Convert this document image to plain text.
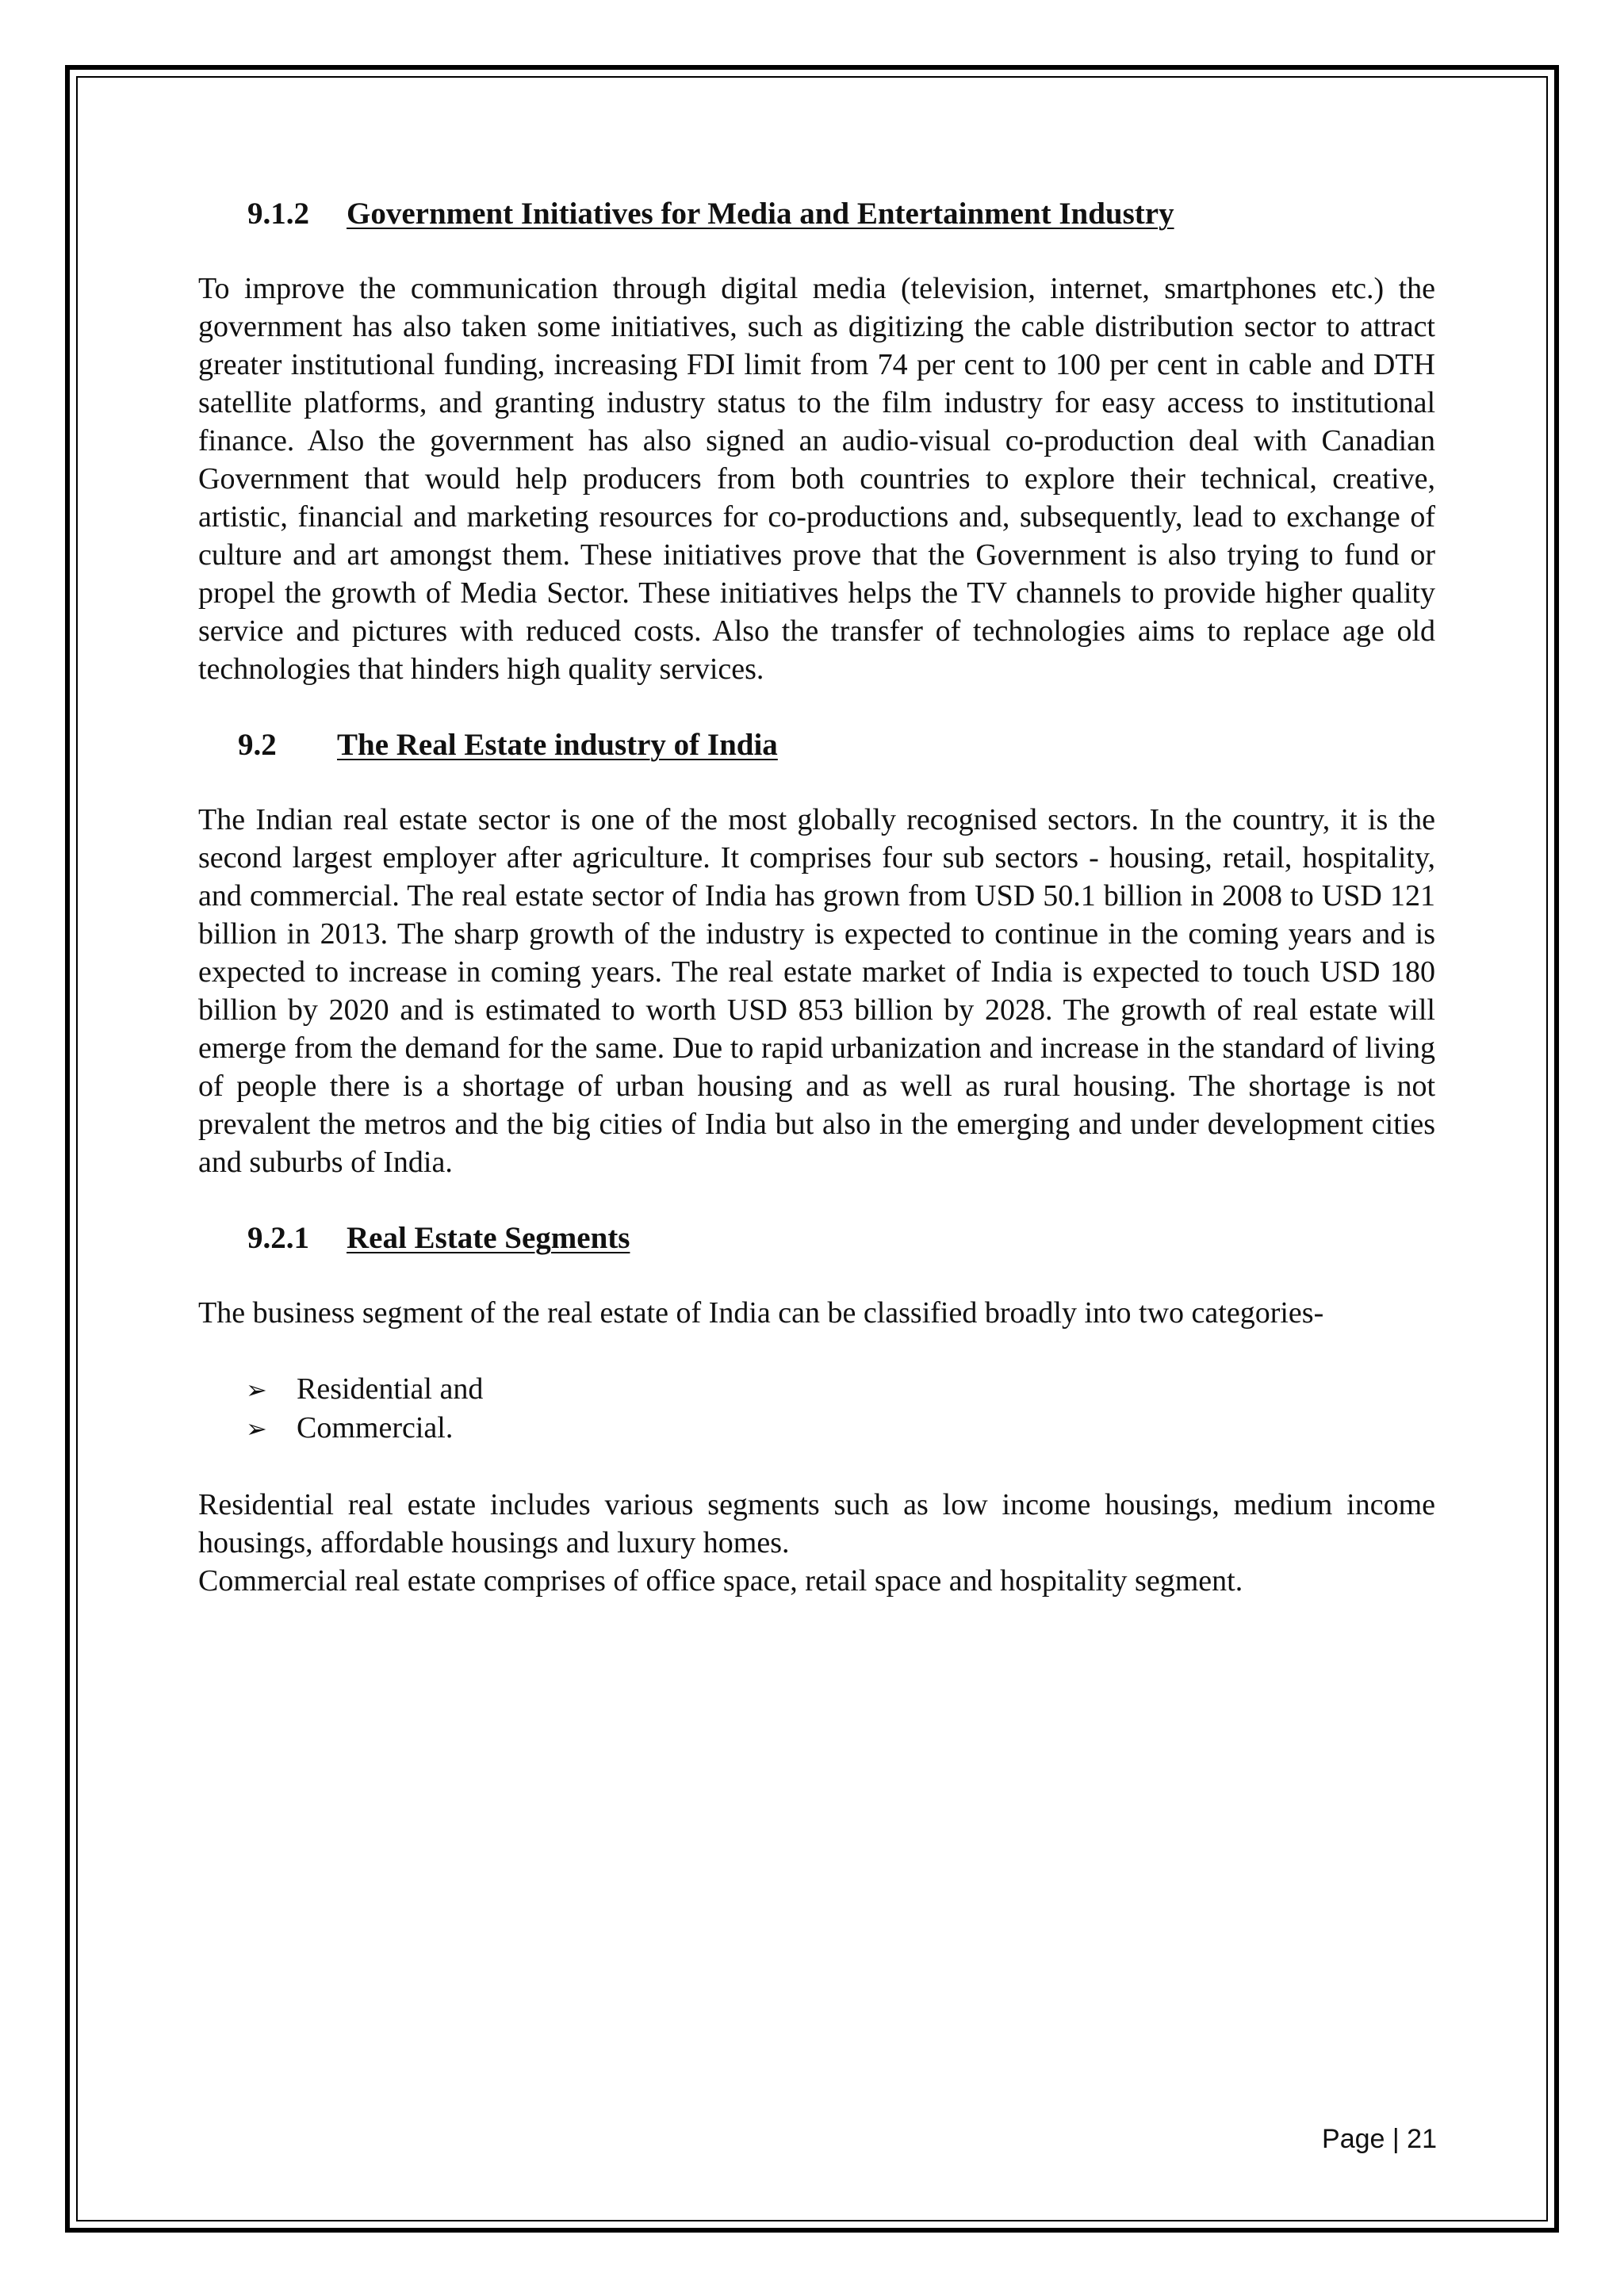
9.1.2 Government Initiatives for Media and Entertainment Industry

To improve the communication through digital media (television, internet, smartphones etc.) the government has also taken some initiatives, such as digitizing the cable distribution sector to attract greater institutional funding, increasing FDI limit from 74 per cent to 100 per cent in cable and DTH satellite platforms, and granting industry status to the film industry for easy access to institutional finance. Also the government has also signed an audio-visual co-production deal with Canadian Government that would help producers from both countries to explore their technical, creative, artistic, financial and marketing resources for co-productions and, subsequently, lead to exchange of culture and art amongst them. These initiatives prove that the Government is also trying to fund or propel the growth of Media Sector. These initiatives helps the TV channels to provide higher quality service and pictures with reduced costs. Also the transfer of technologies aims to replace age old technologies that hinders high quality services.

9.2 The Real Estate industry of India

The Indian real estate sector is one of the most globally recognised sectors. In the country, it is the second largest employer after agriculture. It comprises four sub sectors - housing, retail, hospitality, and commercial. The real estate sector of India has grown from USD 50.1 billion in 2008 to USD 121 billion in 2013. The sharp growth of the industry is expected to continue in the coming years and is expected to increase in coming years. The real estate market of India is expected to touch USD 180 billion by 2020 and is estimated to worth USD 853 billion by 2028. The growth of real estate will emerge from the demand for the same. Due to rapid urbanization and increase in the standard of living of people there is a shortage of urban housing and as well as rural housing. The shortage is not prevalent the metros and the big cities of India but also in the emerging and under development cities and suburbs of India.

9.2.1 Real Estate Segments

The business segment of the real estate of India can be classified broadly into two categories-

➢ Residential and
➢ Commercial.

Residential real estate includes various segments such as low income housings, medium income housings, affordable housings and luxury homes.

Commercial real estate comprises of office space, retail space and hospitality segment.

Page | 21
